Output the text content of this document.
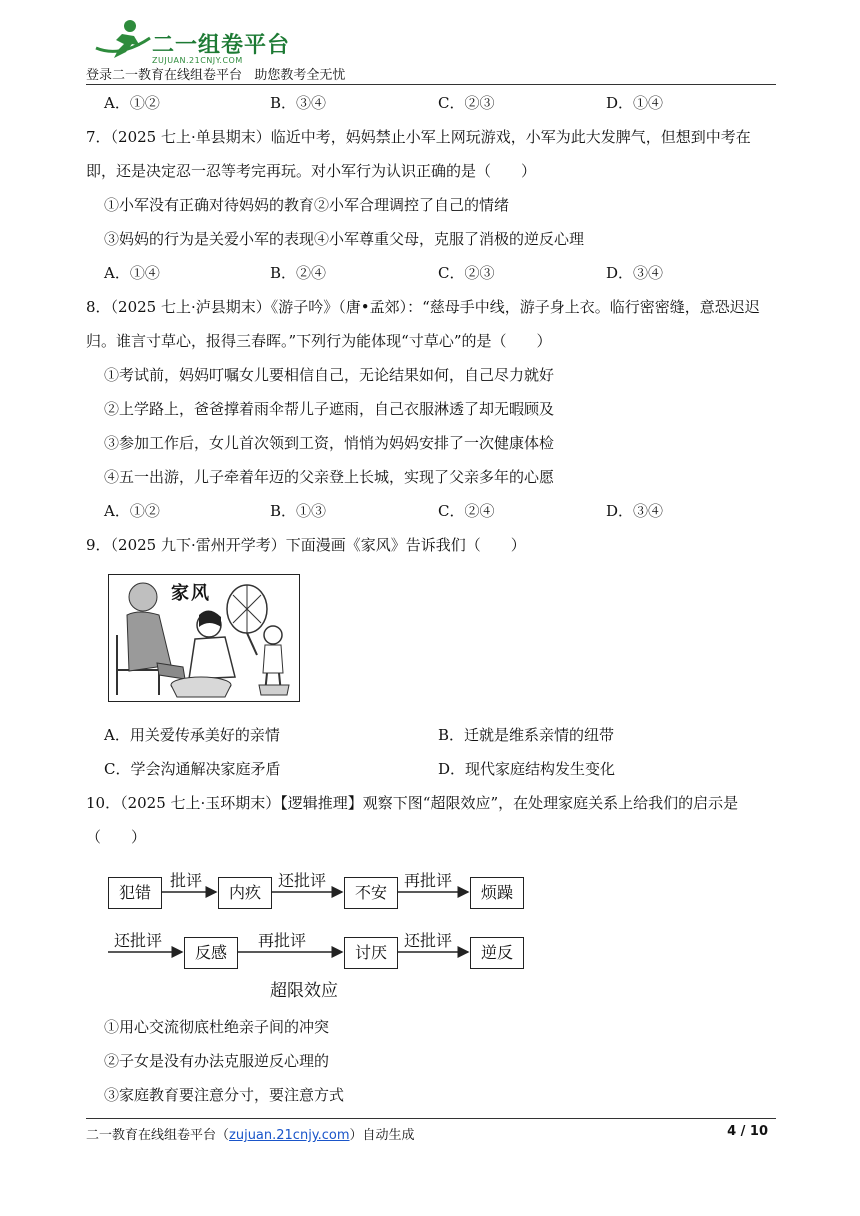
二一组卷平台
ZUJUAN.21CNJY.COM
登录二一教育在线组卷平台   助您教考全无忧
A．①②	B．③④	C．②③	D．①④
7．（2025 七上·单县期末）临近中考，妈妈禁止小军上网玩游戏，小军为此大发脾气，但想到中考在
即，还是决定忍一忍等考完再玩。对小军行为认识正确的是（　　）
①小军没有正确对待妈妈的教育②小军合理调控了自己的情绪
③妈妈的行为是关爱小军的表现④小军尊重父母，克服了消极的逆反心理
A．①④	B．②④	C．②③	D．③④
8．（2025 七上·泸县期末）《游子吟》（唐•孟郊）：“慈母手中线，游子身上衣。临行密密缝，意恐迟迟
归。谁言寸草心，报得三春晖。”下列行为能体现“寸草心”的是（　　）
①考试前，妈妈叮嘱女儿要相信自己，无论结果如何，自己尽力就好
②上学路上，爸爸撑着雨伞帮儿子遮雨，自己衣服淋透了却无暇顾及
③参加工作后，女儿首次领到工资，悄悄为妈妈安排了一次健康体检
④五一出游，儿子牵着年迈的父亲登上长城，实现了父亲多年的心愿
A．①②	B．①③	C．②④	D．③④
9．（2025 九下·雷州开学考）下面漫画《家风》告诉我们（　　）
家风
A．用关爱传承美好的亲情	B．迁就是维系亲情的纽带
C．学会沟通解决家庭矛盾	D．现代家庭结构发生变化
10．（2025 七上·玉环期末）【逻辑推理】观察下图“超限效应”，在处理家庭关系上给我们的启示是
（　　）
犯错	内疚	不安	烦躁
批评	还批评	再批评
还批评
反感
再批评
讨厌
还批评
逆反
超限效应
①用心交流彻底杜绝亲子间的冲突
②子女是没有办法克服逆反心理的
③家庭教育要注意分寸，要注意方式
二一教育在线组卷平台（zujuan.21cnjy.com）自动生成	4 / 10
